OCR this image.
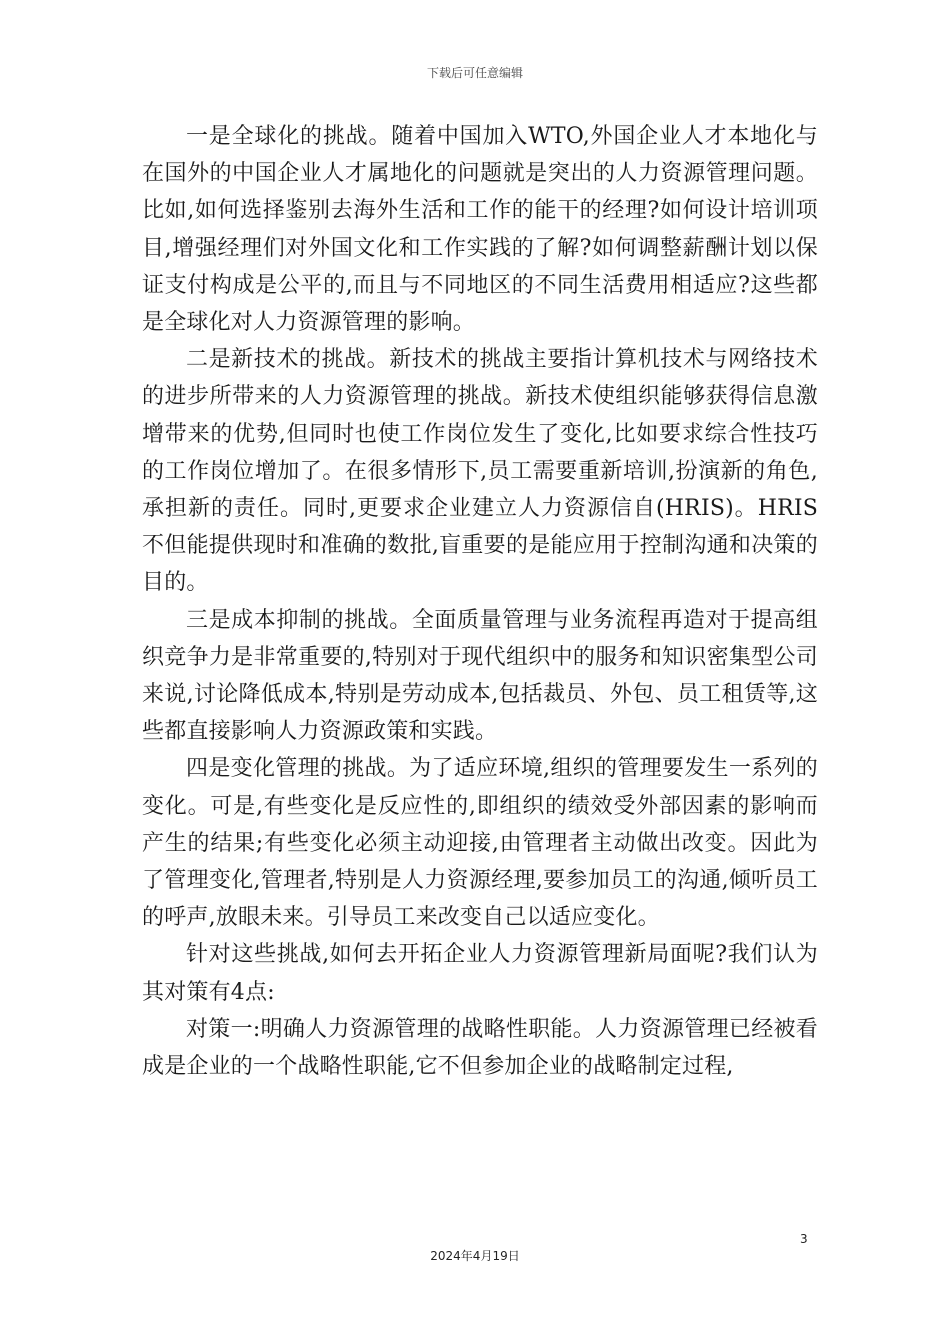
下载后可任意编辑

一是全球化的挑战。随着中国加入WTO,外国企业人才本地化与在国外的中国企业人才属地化的问题就是突出的人力资源管理问题。比如,如何选择鉴别去海外生活和工作的能干的经理?如何设计培训项目,增强经理们对外国文化和工作实践的了解?如何调整薪酬计划以保证支付构成是公平的,而且与不同地区的不同生活费用相适应?这些都是全球化对人力资源管理的影响。

二是新技术的挑战。新技术的挑战主要指计算机技术与网络技术的进步所带来的人力资源管理的挑战。新技术使组织能够获得信息激增带来的优势,但同时也使工作岗位发生了变化,比如要求综合性技巧的工作岗位增加了。在很多情形下,员工需要重新培训,扮演新的角色,承担新的责任。同时,更要求企业建立人力资源信自(HRIS)。HRIS不但能提供现时和准确的数批,盲重要的是能应用于控制沟通和决策的目的。

三是成本抑制的挑战。全面质量管理与业务流程再造对于提高组织竞争力是非常重要的,特别对于现代组织中的服务和知识密集型公司来说,讨论降低成本,特别是劳动成本,包括裁员、外包、员工租赁等,这些都直接影响人力资源政策和实践。

四是变化管理的挑战。为了适应环境,组织的管理要发生一系列的变化。可是,有些变化是反应性的,即组织的绩效受外部因素的影响而产生的结果;有些变化必须主动迎接,由管理者主动做出改变。因此为了管理变化,管理者,特别是人力资源经理,要参加员工的沟通,倾听员工的呼声,放眼未来。引导员工来改变自己以适应变化。

针对这些挑战,如何去开拓企业人力资源管理新局面呢?我们认为其对策有4点:

对策一:明确人力资源管理的战略性职能。人力资源管理已经被看成是企业的一个战略性职能,它不但参加企业的战略制定过程,

3
2024年4月19日
